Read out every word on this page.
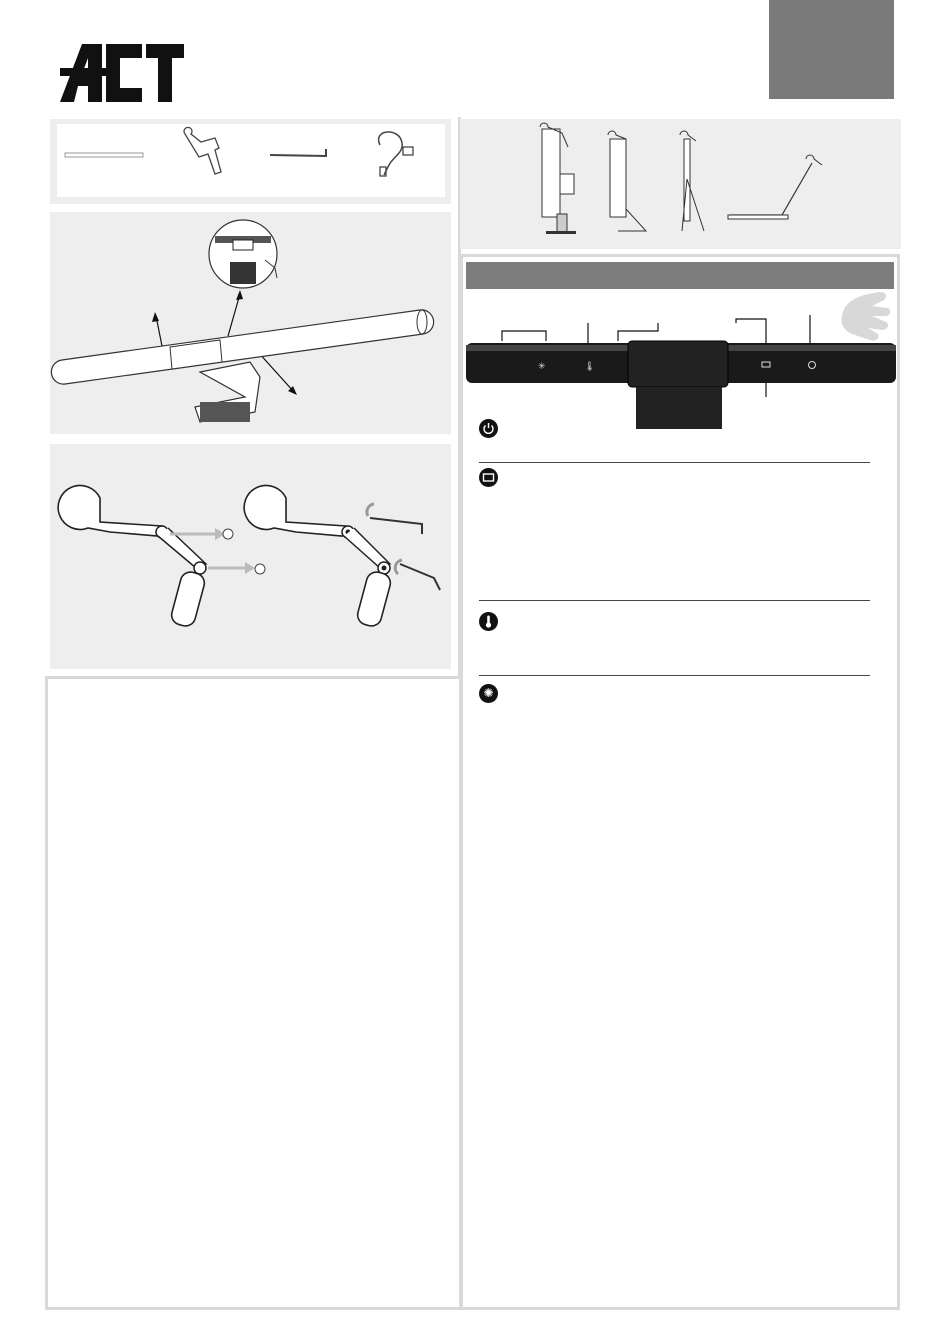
✳	🌡
✺
